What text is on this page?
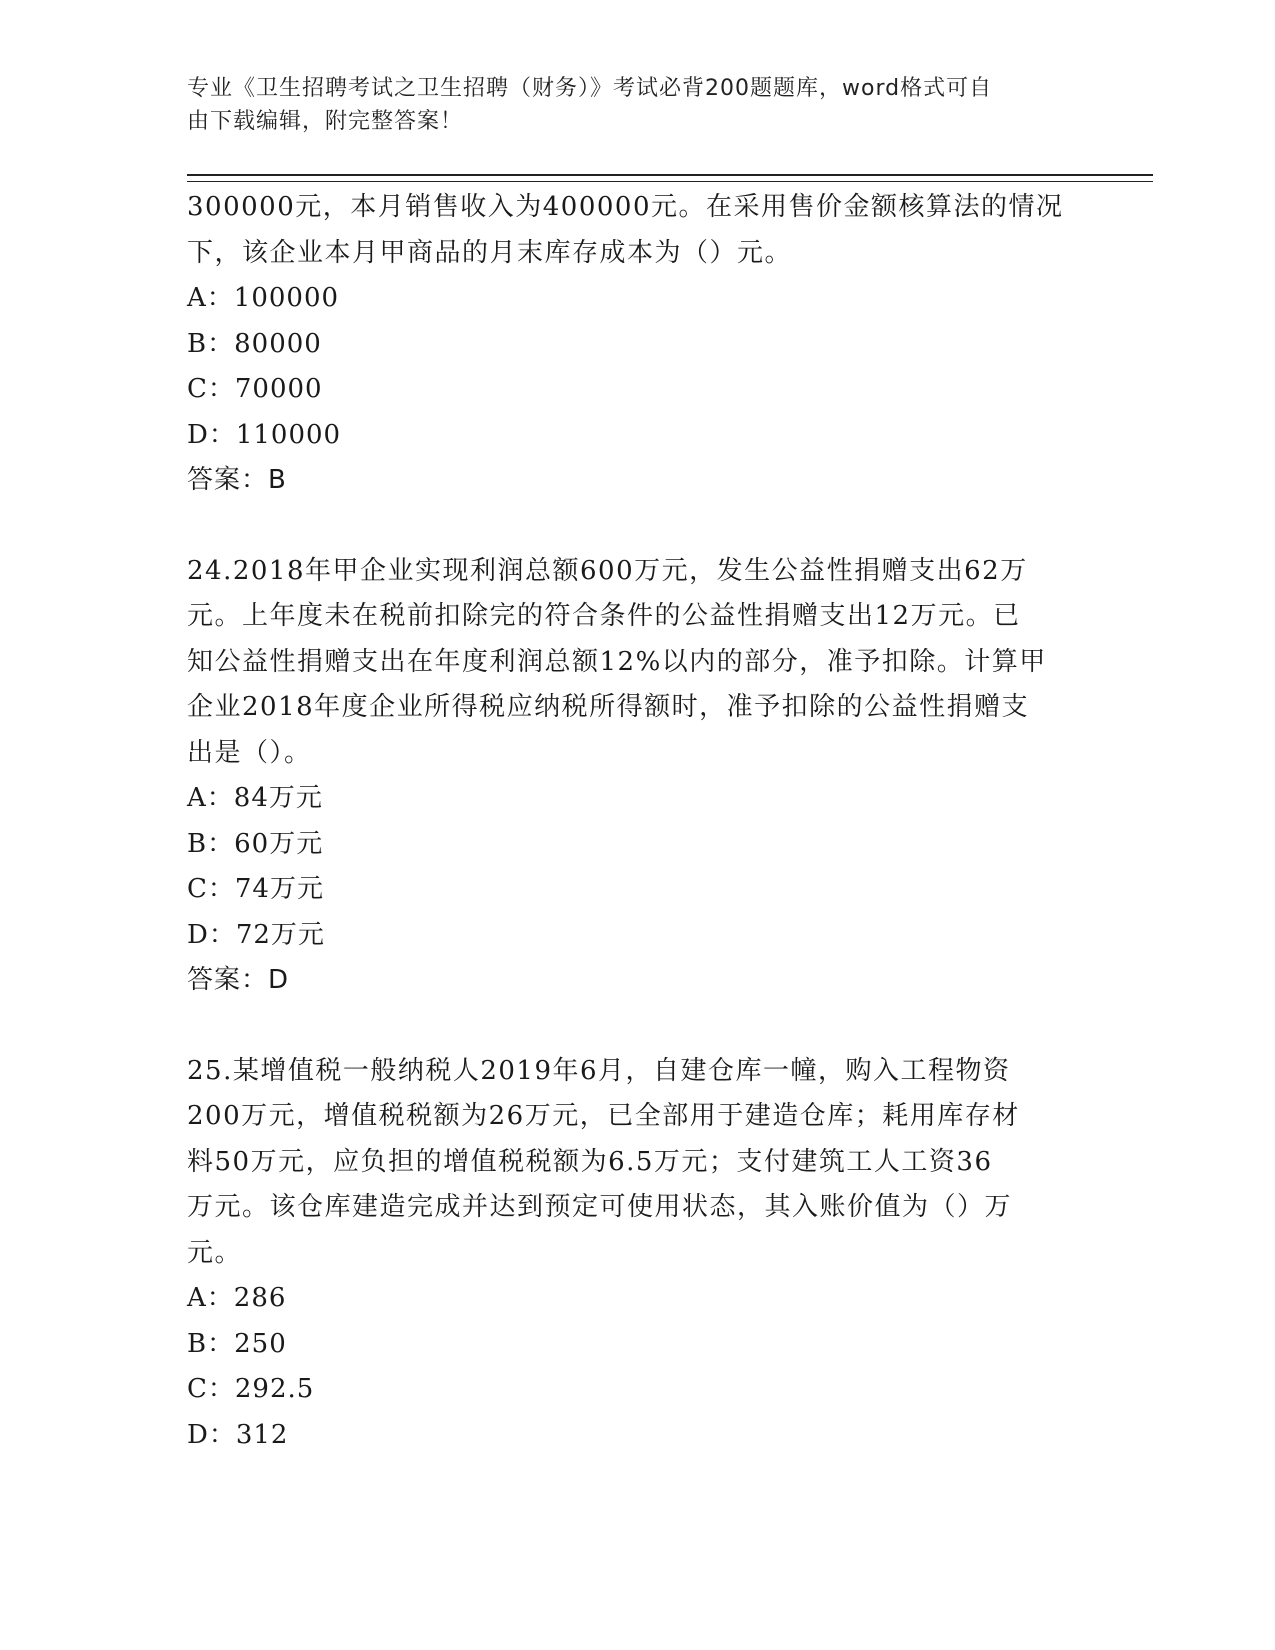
专业《卫生招聘考试之卫生招聘（财务）》考试必背200题题库，word格式可自
由下载编辑，附完整答案！

300000元，本月销售收入为400000元。在采用售价金额核算法的情况

下，该企业本月甲商品的月末库存成本为（）元。

A：100000

B：80000

C：70000

D：110000

答案：B

24.2018年甲企业实现利润总额600万元，发生公益性捐赠支出62万

元。上年度未在税前扣除完的符合条件的公益性捐赠支出12万元。已

知公益性捐赠支出在年度利润总额12%以内的部分，准予扣除。计算甲

企业2018年度企业所得税应纳税所得额时，准予扣除的公益性捐赠支

出是（）。

A：84万元

B：60万元

C：74万元

D：72万元

答案：D

25.某增值税一般纳税人2019年6月，自建仓库一幢，购入工程物资

200万元，增值税税额为26万元，已全部用于建造仓库；耗用库存材

料50万元，应负担的增值税税额为6.5万元；支付建筑工人工资36

万元。该仓库建造完成并达到预定可使用状态，其入账价值为（）万

元。

A：286

B：250

C：292.5

D：312
